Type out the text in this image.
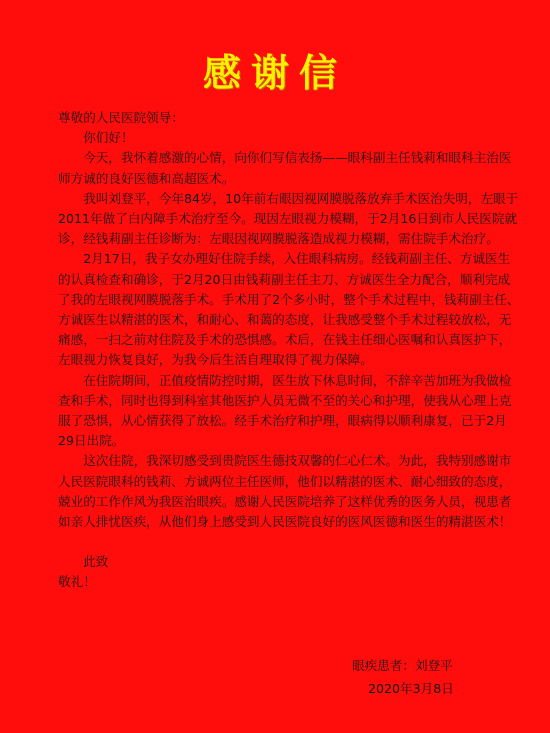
感谢信

尊敬的人民医院领导：

你们好！

今天，我怀着感激的心情，向你们写信表扬——眼科副主任钱莉和眼科主治医师方诚的良好医德和高超医术。

我叫刘登平，今年84岁，10年前右眼因视网膜脱落放弃手术医治失明，左眼于2011年做了白内障手术治疗至今。现因左眼视力模糊，于2月16日到市人民医院就诊，经钱莉副主任诊断为：左眼因视网膜脱落造成视力模糊，需住院手术治疗。

2月17日，我子女办理好住院手续，入住眼科病房。经钱莉副主任、方诚医生的认真检查和确诊，于2月20日由钱莉副主任主刀、方诚医生全力配合，顺利完成了我的左眼视网膜脱落手术。手术用了2个多小时，整个手术过程中，钱莉副主任、方诚医生以精湛的医术，和耐心、和蔼的态度，让我感受整个手术过程较放松，无痛感，一扫之前对住院及手术的恐惧感。术后，在钱主任细心医嘱和认真医护下，左眼视力恢复良好，为我今后生活自理取得了视力保障。

在住院期间，正值疫情防控时期，医生放下休息时间，不辞辛苦加班为我做检查和手术，同时也得到科室其他医护人员无微不至的关心和护理，使我从心理上克服了恐惧，从心情获得了放松。经手术治疗和护理，眼病得以顺利康复，已于2月29日出院。

这次住院，我深切感受到贵院医生德技双馨的仁心仁术。为此，我特别感谢市人民医院眼科的钱莉、方诚两位主任医师，他们以精湛的医术、耐心细致的态度，兢业的工作作风为我医治眼疾。感谢人民医院培养了这样优秀的医务人员，视患者如亲人排忧医疾，从他们身上感受到人民医院良好的医风医德和医生的精湛医术！

此致

敬礼！

眼疾患者：刘登平
2020年3月8日
